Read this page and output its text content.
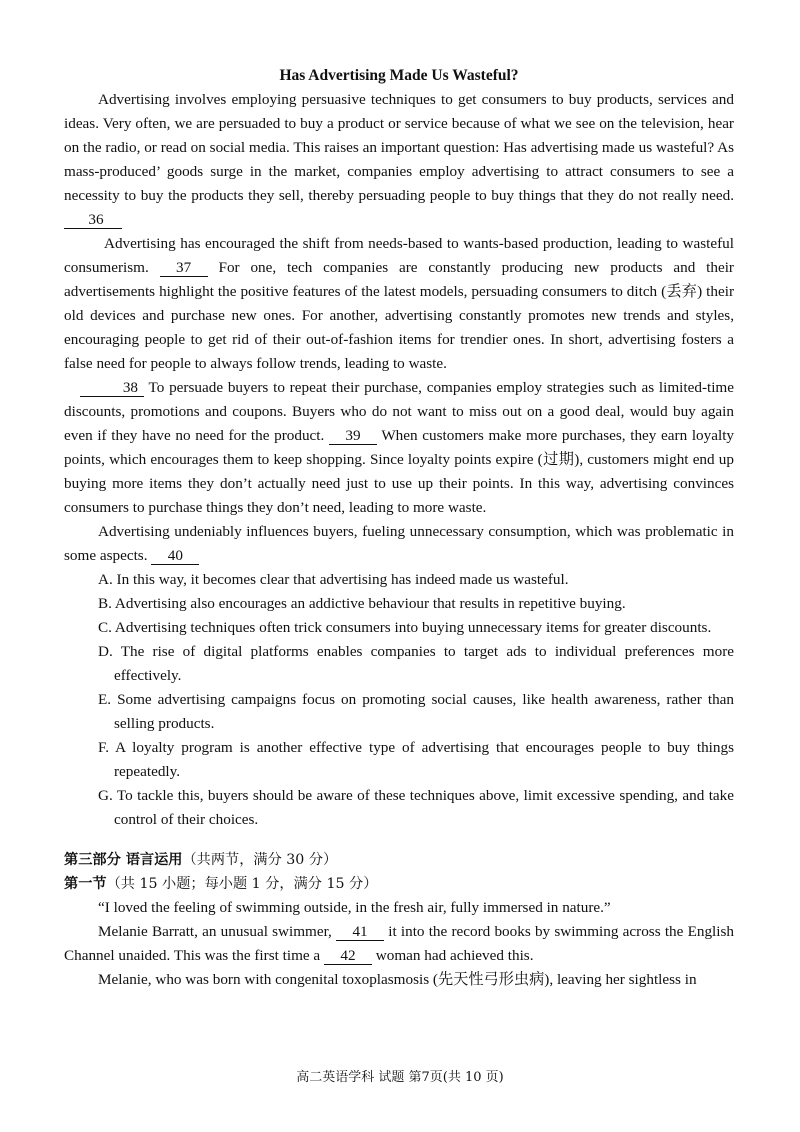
Has Advertising Made Us Wasteful?

Advertising involves employing persuasive techniques to get consumers to buy products, services and ideas. Very often, we are persuaded to buy a product or service because of what we see on the television, hear on the radio, or read on social media. This raises an important question: Has advertising made us wasteful? As mass-produced’ goods surge in the market, companies employ advertising to attract consumers to see a necessity to buy the products they sell, thereby persuading people to buy things that they do not really need. 36

Advertising has encouraged the shift from needs-based to wants-based production, leading to wasteful consumerism. 37 For one, tech companies are constantly producing new products and their advertisements highlight the positive features of the latest models, persuading consumers to ditch (丢弃) their old devices and purchase new ones. For another, advertising constantly promotes new trends and styles, encouraging people to get rid of their out-of-fashion items for trendier ones. In short, advertising fosters a false need for people to always follow trends, leading to waste.

38 To persuade buyers to repeat their purchase, companies employ strategies such as limited-time discounts, promotions and coupons. Buyers who do not want to miss out on a good deal, would buy again even if they have no need for the product. 39 When customers make more purchases, they earn loyalty points, which encourages them to keep shopping. Since loyalty points expire (过期), customers might end up buying more items they don’t actually need just to use up their points. In this way, advertising convinces consumers to purchase things they don’t need, leading to more waste.

Advertising undeniably influences buyers, fueling unnecessary consumption, which was problematic in some aspects. 40

A. In this way, it becomes clear that advertising has indeed made us wasteful.
B. Advertising also encourages an addictive behaviour that results in repetitive buying.
C. Advertising techniques often trick consumers into buying unnecessary items for greater discounts.
D. The rise of digital platforms enables companies to target ads to individual preferences more effectively.
E. Some advertising campaigns focus on promoting social causes, like health awareness, rather than selling products.
F. A loyalty program is another effective type of advertising that encourages people to buy things repeatedly.
G. To tackle this, buyers should be aware of these techniques above, limit excessive spending, and take control of their choices.
第三部分 语言运用（共两节，满分 30 分）
第一节（共 15 小题；每小题 1 分，满分 15 分）

“I loved the feeling of swimming outside, in the fresh air, fully immersed in nature.”

Melanie Barratt, an unusual swimmer, 41 it into the record books by swimming across the English Channel unaided. This was the first time a 42 woman had achieved this.

Melanie, who was born with congenital toxoplasmosis (先天性弓形虫病), leaving her sightless in

高二英语学科 试题 第7页(共 10 页)
